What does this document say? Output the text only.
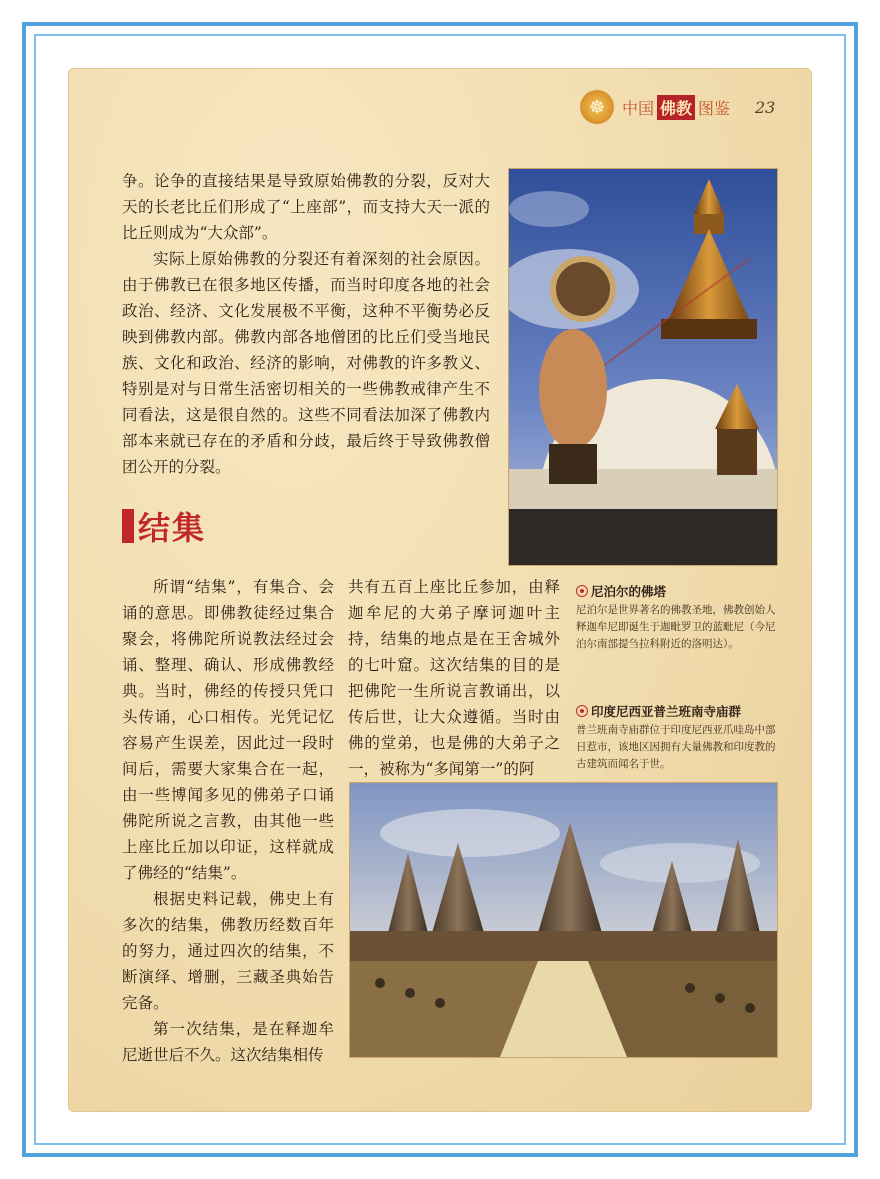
☸ 中国 佛教 图鉴 23

争。论争的直接结果是导致原始佛教的分裂，反对大天的长老比丘们形成了“上座部”，而支持大天一派的比丘则成为“大众部”。

实际上原始佛教的分裂还有着深刻的社会原因。由于佛教已在很多地区传播，而当时印度各地的社会政治、经济、文化发展极不平衡，这种不平衡势必反映到佛教内部。佛教内部各地僧团的比丘们受当地民族、文化和政治、经济的影响，对佛教的许多教义、特别是对与日常生活密切相关的一些佛教戒律产生不同看法，这是很自然的。这些不同看法加深了佛教内部本来就已存在的矛盾和分歧，最后终于导致佛教僧团公开的分裂。

结集

所谓“结集”，有集合、会诵的意思。即佛教徒经过集合聚会，将佛陀所说教法经过会诵、整理、确认、形成佛教经典。当时，佛经的传授只凭口头传诵，心口相传。光凭记忆容易产生误差，因此过一段时间后，需要大家集合在一起，由一些博闻多见的佛弟子口诵佛陀所说之言教，由其他一些上座比丘加以印证，这样就成了佛经的“结集”。

根据史料记载，佛史上有多次的结集，佛教历经数百年的努力，通过四次的结集，不断演绎、增删，三藏圣典始告完备。

第一次结集，是在释迦牟尼逝世后不久。这次结集相传

共有五百上座比丘参加，由释迦牟尼的大弟子摩诃迦叶主持，结集的地点是在王舍城外的七叶窟。这次结集的目的是把佛陀一生所说言教诵出，以传后世，让大众遵循。当时由佛的堂弟，也是佛的大弟子之一，被称为“多闻第一”的阿

尼泊尔的佛塔
尼泊尔是世界著名的佛教圣地，佛教创始人释迦牟尼即诞生于迦毗罗卫的蓝毗尼（今尼泊尔南部提刍拉科附近的洛明达）。
印度尼西亚普兰班南寺庙群
普兰班南寺庙群位于印度尼西亚爪哇岛中部日惹市，该地区因拥有大量佛教和印度教的古建筑而闻名于世。
